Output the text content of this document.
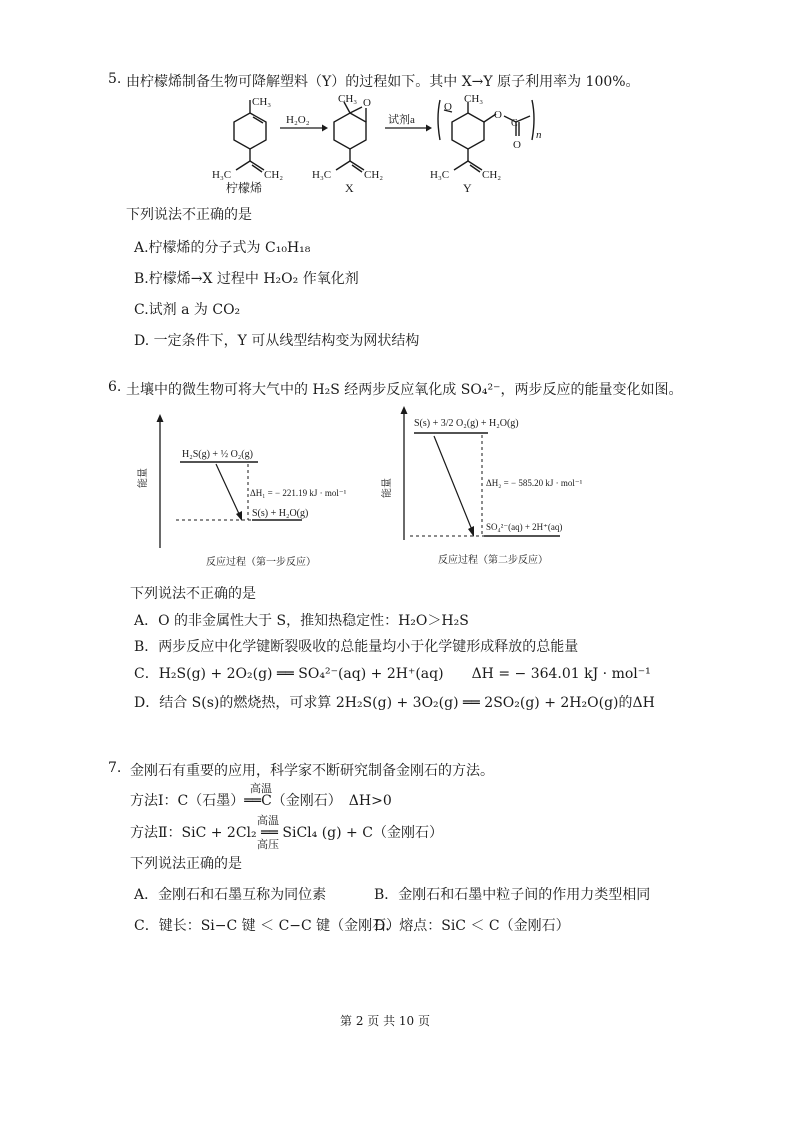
5. 由柠檬烯制备生物可降解塑料（Y）的过程如下。其中 X→Y 原子利用率为 100%。
CH₃
H₃C	CH₂
柠檬烯
H₂O₂
CH₃ O
H₃C	CH₂
X
试剂a
O
CH₃
O
C
O
n
H₃C	CH₂
Y
下列说法不正确的是
A.柠檬烯的分子式为 C₁₀H₁₈
B.柠檬烯→X 过程中 H₂O₂ 作氧化剂
C.试剂 a 为 CO₂
D. 一定条件下，Y 可从线型结构变为网状结构
6. 土壤中的微生物可将大气中的 H₂S 经两步反应氧化成 SO₄²⁻，两步反应的能量变化如图。
能量
H₂S(g) + ½ O₂(g)
ΔH₁ = − 221.19 kJ · mol⁻¹
S(s) + H₂O(g)
反应过程（第一步反应）
能量
S(s) + 3/2 O₂(g) + H₂O(g)
ΔH₂ = − 585.20 kJ · mol⁻¹
SO₄²⁻(aq) + 2H⁺(aq)
反应过程（第二步反应）
下列说法不正确的是
A．O 的非金属性大于 S，推知热稳定性：H₂O＞H₂S
B．两步反应中化学键断裂吸收的总能量均小于化学键形成释放的总能量
C．H₂S(g) + 2O₂(g) ══ SO₄²⁻(aq) + 2H⁺(aq)　　ΔH = − 364.01 kJ · mol⁻¹
D．结合 S(s)的燃烧热，可求算 2H₂S(g) + 3O₂(g) ══ 2SO₂(g) + 2H₂O(g)的ΔH
7. 金刚石有重要的应用，科学家不断研究制备金刚石的方法。
高温
方法Ⅰ：C（石墨）══C（金刚石）　ΔH>0
高温
方法Ⅱ：SiC + 2Cl₂ ══ SiCl₄ (g) + C（金刚石）
高压
下列说法正确的是
A．金刚石和石墨互称为同位素	B．金刚石和石墨中粒子间的作用力类型相同
C．键长：Si−C 键 ＜ C−C 键（金刚石）
D．熔点：SiC ＜ C（金刚石）
第 2 页 共 10 页
